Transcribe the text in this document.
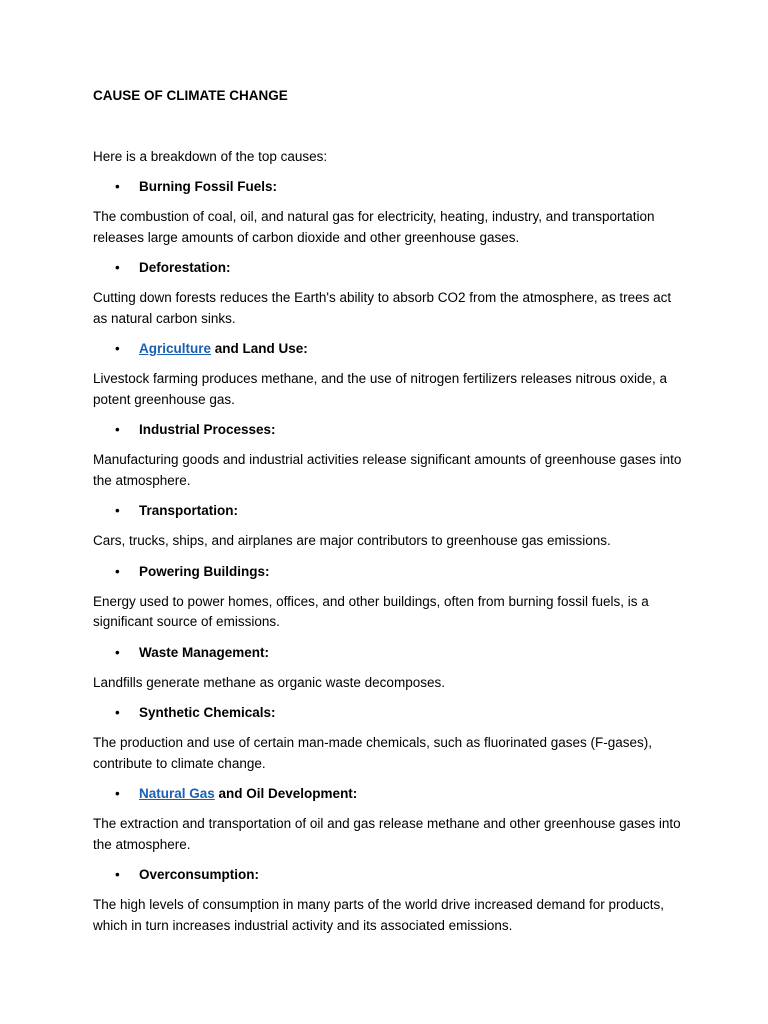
CAUSE OF CLIMATE CHANGE

Here is a breakdown of the top causes:

• Burning Fossil Fuels:

The combustion of coal, oil, and natural gas for electricity, heating, industry, and transportation releases large amounts of carbon dioxide and other greenhouse gases.

• Deforestation:

Cutting down forests reduces the Earth's ability to absorb CO2 from the atmosphere, as trees act as natural carbon sinks.

• Agriculture and Land Use:

Livestock farming produces methane, and the use of nitrogen fertilizers releases nitrous oxide, a potent greenhouse gas.

• Industrial Processes:

Manufacturing goods and industrial activities release significant amounts of greenhouse gases into the atmosphere.

• Transportation:

Cars, trucks, ships, and airplanes are major contributors to greenhouse gas emissions.

• Powering Buildings:

Energy used to power homes, offices, and other buildings, often from burning fossil fuels, is a significant source of emissions.

• Waste Management:

Landfills generate methane as organic waste decomposes.

• Synthetic Chemicals:

The production and use of certain man-made chemicals, such as fluorinated gases (F-gases), contribute to climate change.

• Natural Gas and Oil Development:

The extraction and transportation of oil and gas release methane and other greenhouse gases into the atmosphere.

• Overconsumption:

The high levels of consumption in many parts of the world drive increased demand for products, which in turn increases industrial activity and its associated emissions.
